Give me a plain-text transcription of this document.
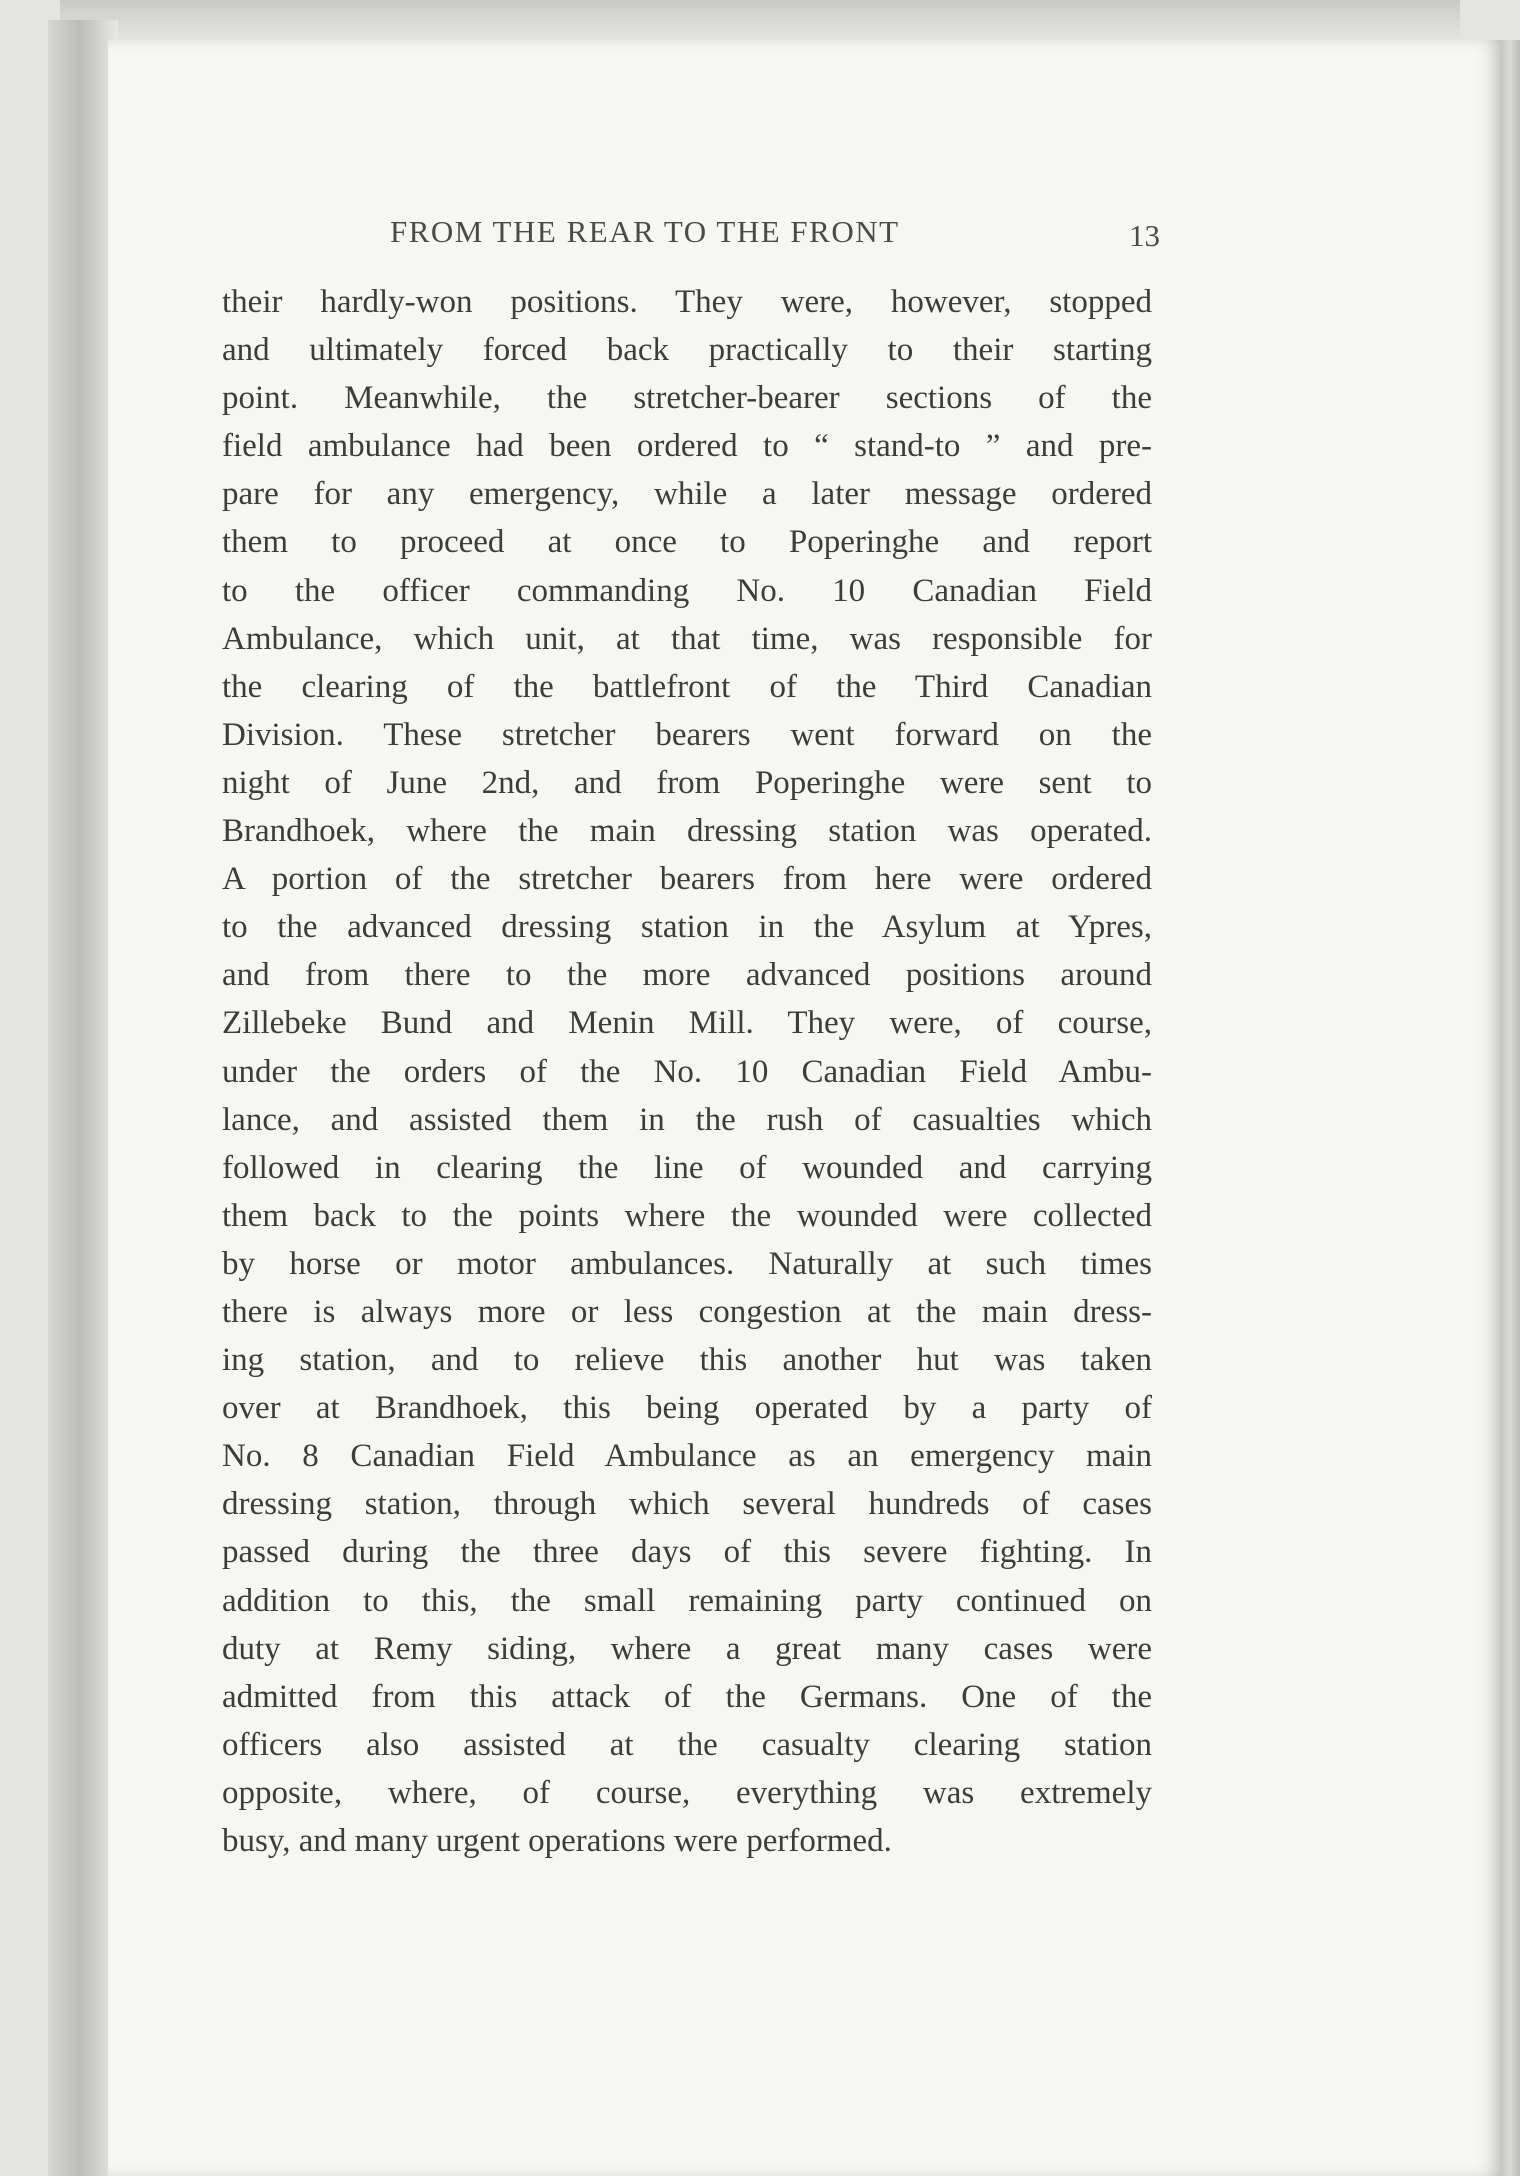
FROM THE REAR TO THE FRONT	13
their hardly-won positions. They were, however, stopped
and ultimately forced back practically to their starting
point. Meanwhile, the stretcher-bearer sections of the
field ambulance had been ordered to “ stand-to ” and pre-
pare for any emergency, while a later message ordered
them to proceed at once to Poperinghe and report
to the officer commanding No. 10 Canadian Field
Ambulance, which unit, at that time, was responsible for
the clearing of the battlefront of the Third Canadian
Division. These stretcher bearers went forward on the
night of June 2nd, and from Poperinghe were sent to
Brandhoek, where the main dressing station was operated.
A portion of the stretcher bearers from here were ordered
to the advanced dressing station in the Asylum at Ypres,
and from there to the more advanced positions around
Zillebeke Bund and Menin Mill. They were, of course,
under the orders of the No. 10 Canadian Field Ambu-
lance, and assisted them in the rush of casualties which
followed in clearing the line of wounded and carrying
them back to the points where the wounded were collected
by horse or motor ambulances. Naturally at such times
there is always more or less congestion at the main dress-
ing station, and to relieve this another hut was taken
over at Brandhoek, this being operated by a party of
No. 8 Canadian Field Ambulance as an emergency main
dressing station, through which several hundreds of cases
passed during the three days of this severe fighting. In
addition to this, the small remaining party continued on
duty at Remy siding, where a great many cases were
admitted from this attack of the Germans. One of the
officers also assisted at the casualty clearing station
opposite, where, of course, everything was extremely
busy, and many urgent operations were performed.
